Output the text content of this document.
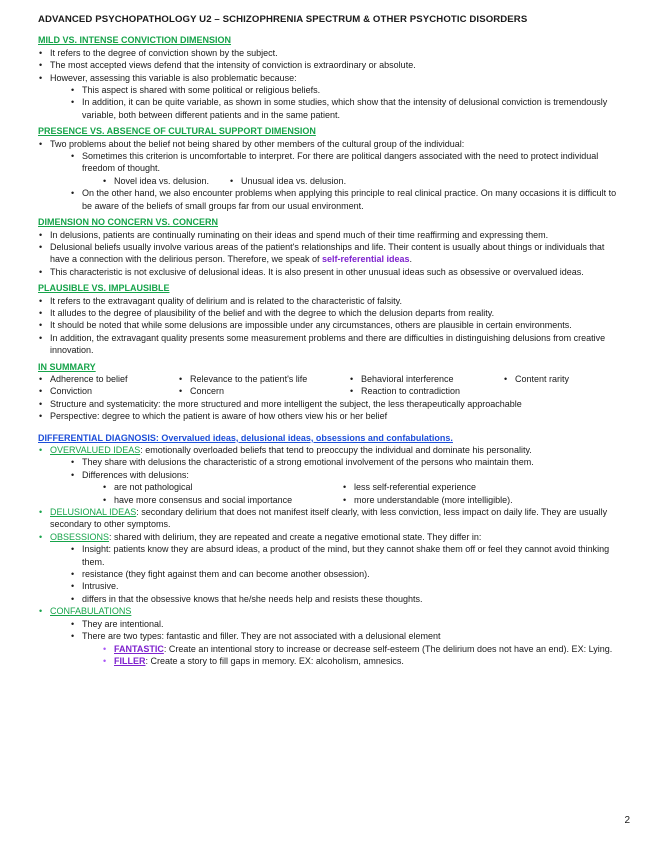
ADVANCED PSYCHOPATHOLOGY U2 – SCHIZOPHRENIA SPECTRUM & OTHER PSYCHOTIC DISORDERS
MILD VS. INTENSE CONVICTION DIMENSION
• It refers to the degree of conviction shown by the subject.
• The most accepted views defend that the intensity of conviction is extraordinary or absolute.
• However, assessing this variable is also problematic because:
• This aspect is shared with some political or religious beliefs.
• In addition, it can be quite variable, as shown in some studies, which show that the intensity of delusional conviction is tremendously variable, both between different patients and in the same patient.
PRESENCE VS. ABSENCE OF CULTURAL SUPPORT DIMENSION
• Two problems about the belief not being shared by other members of the cultural group of the individual:
• Sometimes this criterion is uncomfortable to interpret. For there are political dangers associated with the need to protect individual freedom of thought.
• Novel idea vs. delusion.	• Unusual idea vs. delusion.
• On the other hand, we also encounter problems when applying this principle to real clinical practice. On many occasions it is difficult to be aware of the beliefs of small groups far from our usual environment.
DIMENSION NO CONCERN VS. CONCERN
• In delusions, patients are continually ruminating on their ideas and spend much of their time reaffirming and expressing them.
• Delusional beliefs usually involve various areas of the patient's relationships and life. Their content is usually about things or individuals that have a connection with the delirious person. Therefore, we speak of self-referential ideas.
• This characteristic is not exclusive of delusional ideas. It is also present in other unusual ideas such as obsessive or overvalued ideas.
PLAUSIBLE VS. IMPLAUSIBLE
• It refers to the extravagant quality of delirium and is related to the characteristic of falsity.
• It alludes to the degree of plausibility of the belief and with the degree to which the delusion departs from reality.
• It should be noted that while some delusions are impossible under any circumstances, others are plausible in certain environments.
• In addition, the extravagant quality presents some measurement problems and there are difficulties in distinguishing delusions from creative innovation.
IN SUMMARY
• Adherence to belief	• Relevance to the patient's life	• Behavioral interference	• Content rarity
• Conviction	• Concern	• Reaction to contradiction
• Structure and systematicity: the more structured and more intelligent the subject, the less therapeutically approachable
• Perspective: degree to which the patient is aware of how others view his or her belief
DIFFERENTIAL DIAGNOSIS: Overvalued ideas, delusional ideas, obsessions and confabulations.
• OVERVALUED IDEAS: emotionally overloaded beliefs that tend to preoccupy the individual and dominate his personality.
• They share with delusions the characteristic of a strong emotional involvement of the persons who maintain them.
• Differences with delusions:
• are not pathological	• less self-referential experience
• have more consensus and social importance	• more understandable (more intelligible).
• DELUSIONAL IDEAS: secondary delirium that does not manifest itself clearly, with less conviction, less impact on daily life. They are usually secondary to other symptoms.
• OBSESSIONS: shared with delirium, they are repeated and create a negative emotional state. They differ in:
• Insight: patients know they are absurd ideas, a product of the mind, but they cannot shake them off or feel they cannot avoid thinking them.
• resistance (they fight against them and can become another obsession).
• Intrusive.
• differs in that the obsessive knows that he/she needs help and resists these thoughts.
• CONFABULATIONS
• They are intentional.
• There are two types: fantastic and filler. They are not associated with a delusional element
• FANTASTIC: Create an intentional story to increase or decrease self-esteem (The delirium does not have an end). EX: Lying.
• FILLER: Create a story to fill gaps in memory. EX: alcoholism, amnesics.
2
